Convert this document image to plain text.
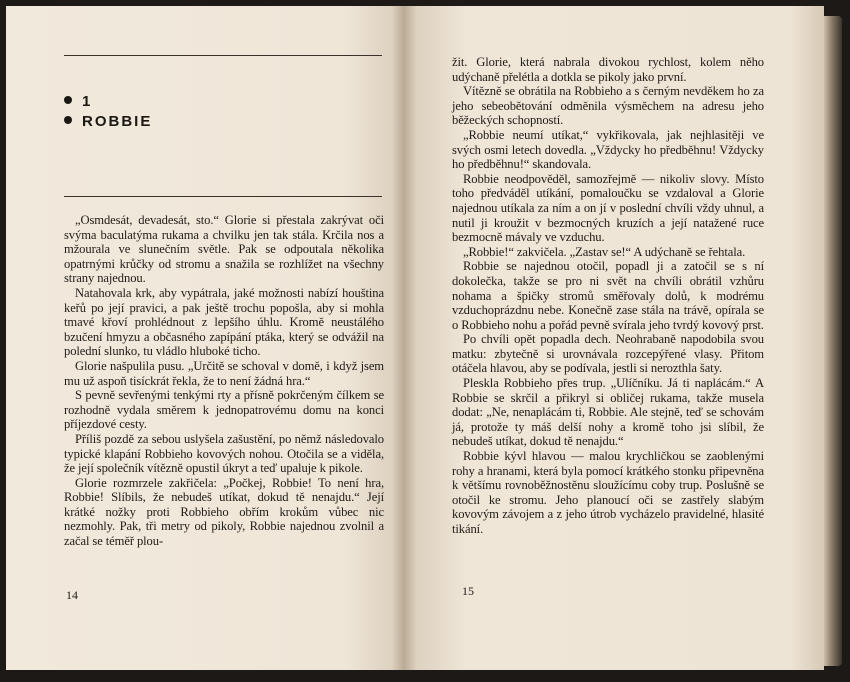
1
ROBBIE

„Osmdesát, devadesát, sto.“ Glorie si přestala zakrývat oči svýma baculatýma rukama a chvilku jen tak stála. Krčila nos a mžourala ve slunečním světle. Pak se odpoutala několika opatrnými krůčky od stromu a snažila se rozhlížet na všechny strany najednou.

Natahovala krk, aby vypátrala, jaké možnosti nabízí houština keřů po její pravici, a pak ještě trochu popošla, aby si mohla tmavé křoví prohlédnout z lepšího úhlu. Kromě neustálého bzučení hmyzu a občasného zapípání ptáka, který se odvážil na polední slunko, tu vládlo hluboké ticho.

Glorie našpulila pusu. „Určitě se schoval v domě, i když jsem mu už aspoň tisíckrát řekla, že to není žádná hra.“

S pevně sevřenými tenkými rty a přísně pokrčeným čílkem se rozhodně vydala směrem k jednopatrovému domu na konci příjezdové cesty.

Příliš pozdě za sebou uslyšela zašustění, po němž následovalo typické klapání Robbieho kovových nohou. Otočila se a viděla, že její společník vítězně opustil úkryt a teď upaluje k pikole.

Glorie rozmrzele zakřičela: „Počkej, Robbie! To není hra, Robbie! Slíbils, že nebudeš utíkat, dokud tě nenajdu.“ Její krátké nožky proti Robbieho obřím krokům vůbec nic nezmohly. Pak, tři metry od pikoly, Robbie najednou zvolnil a začal se téměř plou-

14

žit. Glorie, která nabrala divokou rychlost, kolem něho udýchaně přelétla a dotkla se pikoly jako první.

Vítězně se obrátila na Robbieho a s černým nevděkem ho za jeho sebeobětování odměnila výsměchem na adresu jeho běžeckých schopností.

„Robbie neumí utíkat,“ vykřikovala, jak nejhlasitěji ve svých osmi letech dovedla. „Vždycky ho předběhnu! Vždycky ho předběhnu!“ skandovala.

Robbie neodpověděl, samozřejmě — nikoliv slovy. Místo toho předváděl utíkání, pomaloučku se vzdaloval a Glorie najednou utíkala za ním a on jí v poslední chvíli vždy uhnul, a nutil ji kroužit v bezmocných kruzích a její natažené ruce bezmocně mávaly ve vzduchu.

„Robbie!“ zakvičela. „Zastav se!“ A udýchaně se řehtala.

Robbie se najednou otočil, popadl ji a zatočil se s ní dokolečka, takže se pro ni svět na chvíli obrátil vzhůru nohama a špičky stromů směřovaly dolů, k modrému vzduchoprázdnu nebe. Konečně zase stála na trávě, opírala se o Robbieho nohu a pořád pevně svírala jeho tvrdý kovový prst.

Po chvíli opět popadla dech. Neohrabaně napodobila svou matku: zbytečně si urovnávala rozcepýřené vlasy. Přitom otáčela hlavou, aby se podívala, jestli si nerozthla šaty.

Pleskla Robbieho přes trup. „Ulíčníku. Já ti naplácám.“ A Robbie se skrčil a přikryl si obličej rukama, takže musela dodat: „Ne, nenaplácám ti, Robbie. Ale stejně, teď se schovám já, protože ty máš delší nohy a kromě toho jsi slíbil, že nebudeš utíkat, dokud tě nenajdu.“

Robbie kývl hlavou — malou krychličkou se zaoblenými rohy a hranami, která byla pomocí krátkého stonku připevněna k většímu rovnoběžnostěnu sloužícímu coby trup. Poslušně se otočil ke stromu. Jeho planoucí oči se zastřely slabým kovovým závojem a z jeho útrob vycházelo pravidelné, hlasité tikání.

15
